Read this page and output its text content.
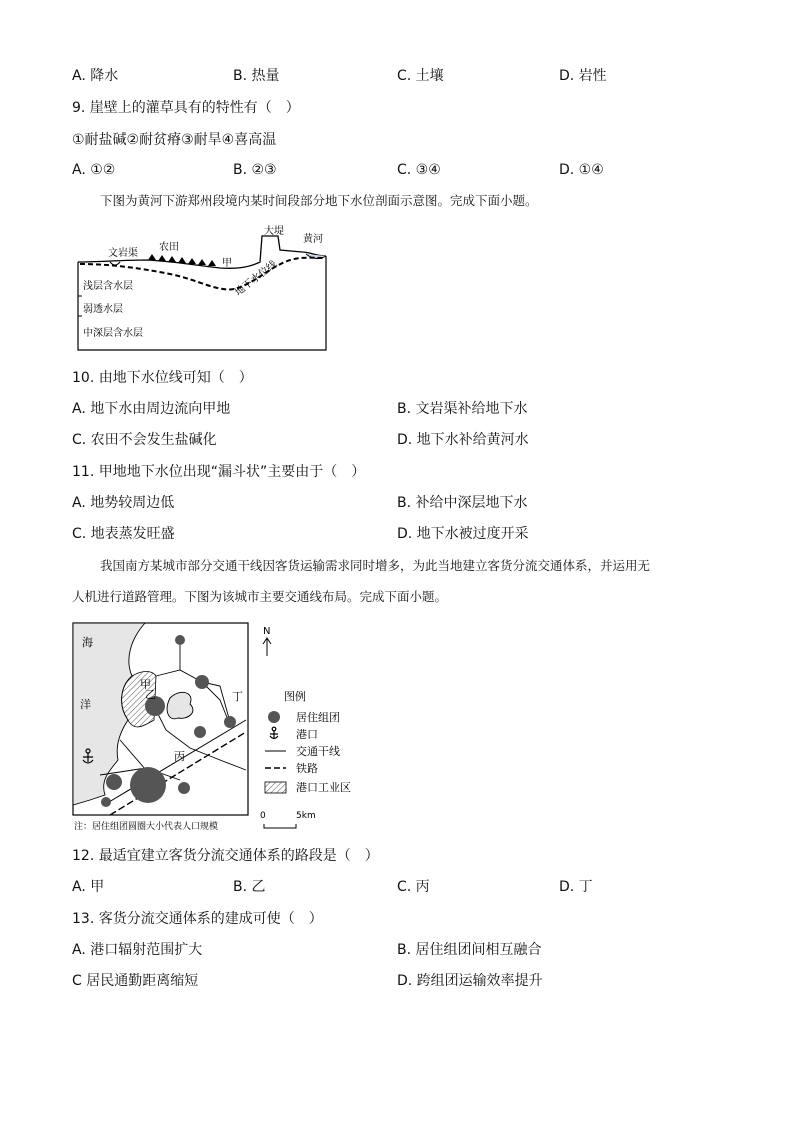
A. 降水	B. 热量	C. 土壤	D. 岩性
9. 崖壁上的灌草具有的特性有（　）
①耐盐碱②耐贫瘠③耐旱④喜高温
A. ①②	B. ②③	C. ③④	D. ①④
下图为黄河下游郑州段境内某时间段部分地下水位剖面示意图。完成下面小题。
文岩渠
农田
大堤
黄河
甲 地下水位线
浅层含水层
弱透水层
中深层含水层
10. 由地下水位线可知（　）
A. 地下水由周边流向甲地	B. 文岩渠补给地下水
C. 农田不会发生盐碱化	D. 地下水补给黄河水
11. 甲地地下水位出现“漏斗状”主要由于（　）
A. 地势较周边低	B. 补给中深层地下水
C. 地表蒸发旺盛	D. 地下水被过度开采
我国南方某城市部分交通干线因客货运输需求同时增多，为此当地建立客货分流交通体系，并运用无
人机进行道路管理。下图为该城市主要交通线布局。完成下面小题。
海
洋
甲
乙
丙
丁
N
图例
居住组团
港口
交通干线
铁路
港口工业区
0	5km
注：居住组团圆圈大小代表人口规模
12. 最适宜建立客货分流交通体系的路段是（　）
A. 甲	B. 乙	C. 丙	D. 丁
13. 客货分流交通体系的建成可使（　）
A. 港口辐射范围扩大	B. 居住组团间相互融合
C 居民通勤距离缩短	D. 跨组团运输效率提升
